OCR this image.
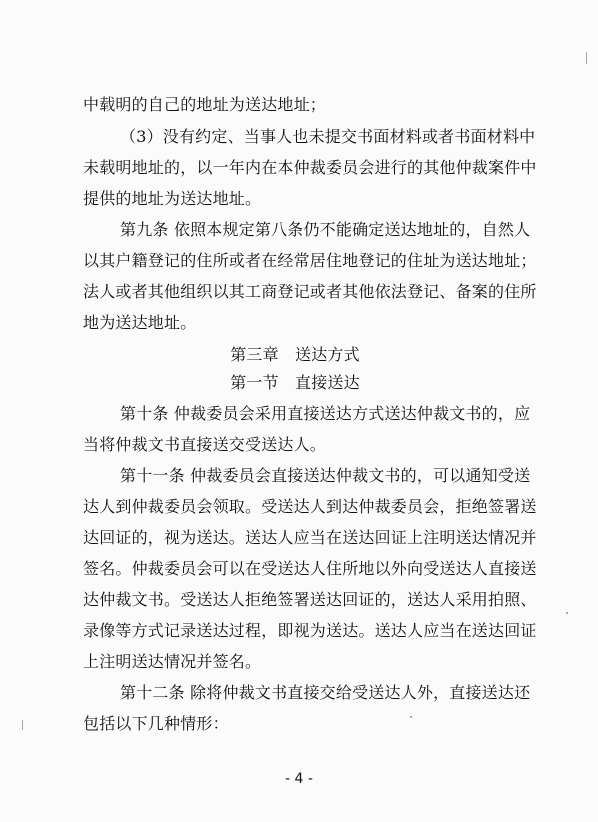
中载明的自己的地址为送达地址；
（3）没有约定、当事人也未提交书面材料或者书面材料中
未载明地址的，以一年内在本仲裁委员会进行的其他仲裁案件中
提供的地址为送达地址。
第九条 依照本规定第八条仍不能确定送达地址的，自然人
以其户籍登记的住所或者在经常居住地登记的住址为送达地址；
法人或者其他组织以其工商登记或者其他依法登记、备案的住所
地为送达地址。
第三章　送达方式
第一节　直接送达
第十条 仲裁委员会采用直接送达方式送达仲裁文书的，应
当将仲裁文书直接送交受送达人。
第十一条 仲裁委员会直接送达仲裁文书的，可以通知受送
达人到仲裁委员会领取。受送达人到达仲裁委员会，拒绝签署送
达回证的，视为送达。送达人应当在送达回证上注明送达情况并
签名。仲裁委员会可以在受送达人住所地以外向受送达人直接送
达仲裁文书。受送达人拒绝签署送达回证的，送达人采用拍照、
录像等方式记录送达过程，即视为送达。送达人应当在送达回证
上注明送达情况并签名。
第十二条 除将仲裁文书直接交给受送达人外，直接送达还
包括以下几种情形：
- 4 -
